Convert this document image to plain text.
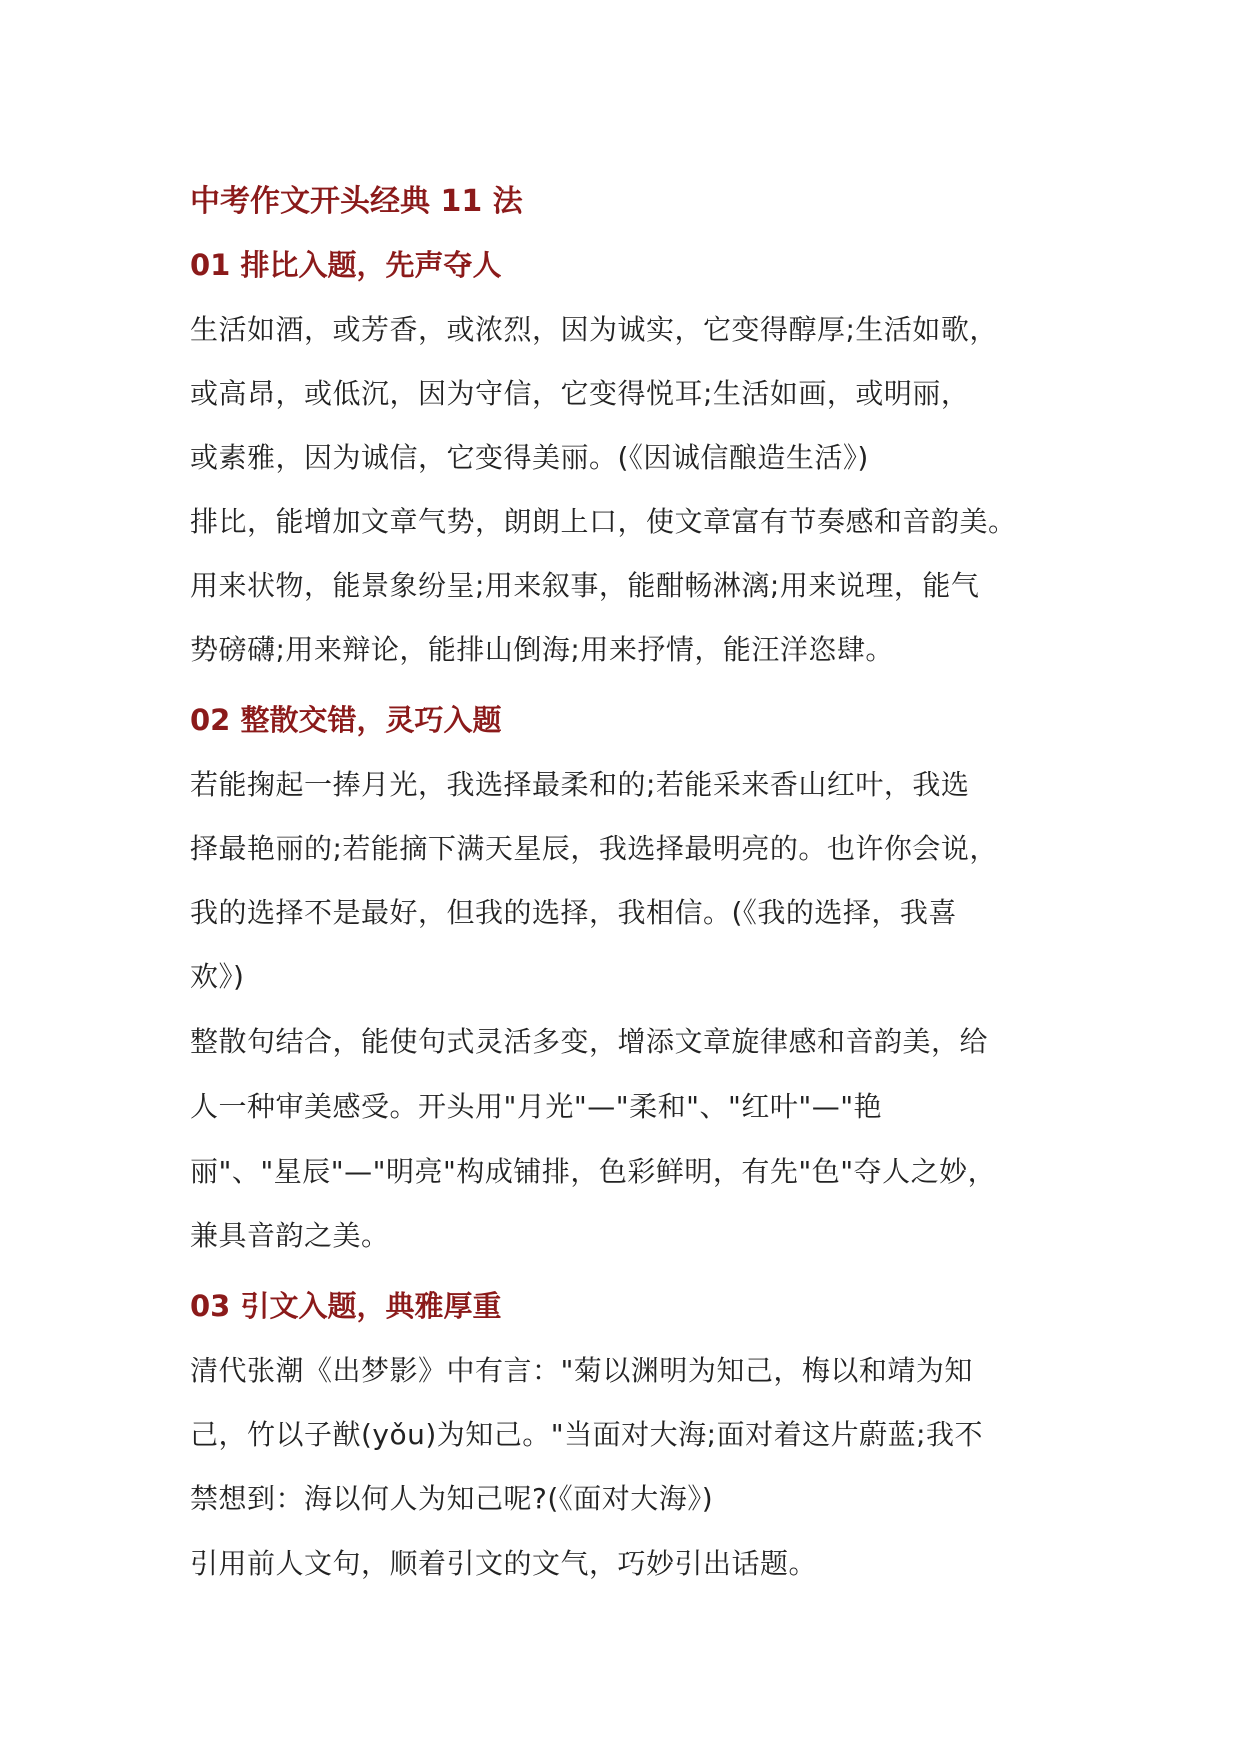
中考作文开头经典 11 法
01 排比入题，先声夺人
生活如酒，或芳香，或浓烈，因为诚实，它变得醇厚;生活如歌，
或高昂，或低沉，因为守信，它变得悦耳;生活如画，或明丽，
或素雅，因为诚信，它变得美丽。(《因诚信酿造生活》)
排比，能增加文章气势，朗朗上口，使文章富有节奏感和音韵美。
用来状物，能景象纷呈;用来叙事，能酣畅淋漓;用来说理，能气
势磅礴;用来辩论，能排山倒海;用来抒情，能汪洋恣肆。
02 整散交错，灵巧入题
若能掬起一捧月光，我选择最柔和的;若能采来香山红叶，我选
择最艳丽的;若能摘下满天星辰，我选择最明亮的。也许你会说，
我的选择不是最好，但我的选择，我相信。(《我的选择，我喜
欢》)
整散句结合，能使句式灵活多变，增添文章旋律感和音韵美，给
人一种审美感受。开头用"月光"—"柔和"、"红叶"—"艳
丽"、"星辰"—"明亮"构成铺排，色彩鲜明，有先"色"夺人之妙，
兼具音韵之美。
03 引文入题，典雅厚重
清代张潮《出梦影》中有言："菊以渊明为知己，梅以和靖为知
己，竹以子猷(yǒu)为知己。"当面对大海;面对着这片蔚蓝;我不
禁想到：海以何人为知己呢?(《面对大海》)
引用前人文句，顺着引文的文气，巧妙引出话题。
